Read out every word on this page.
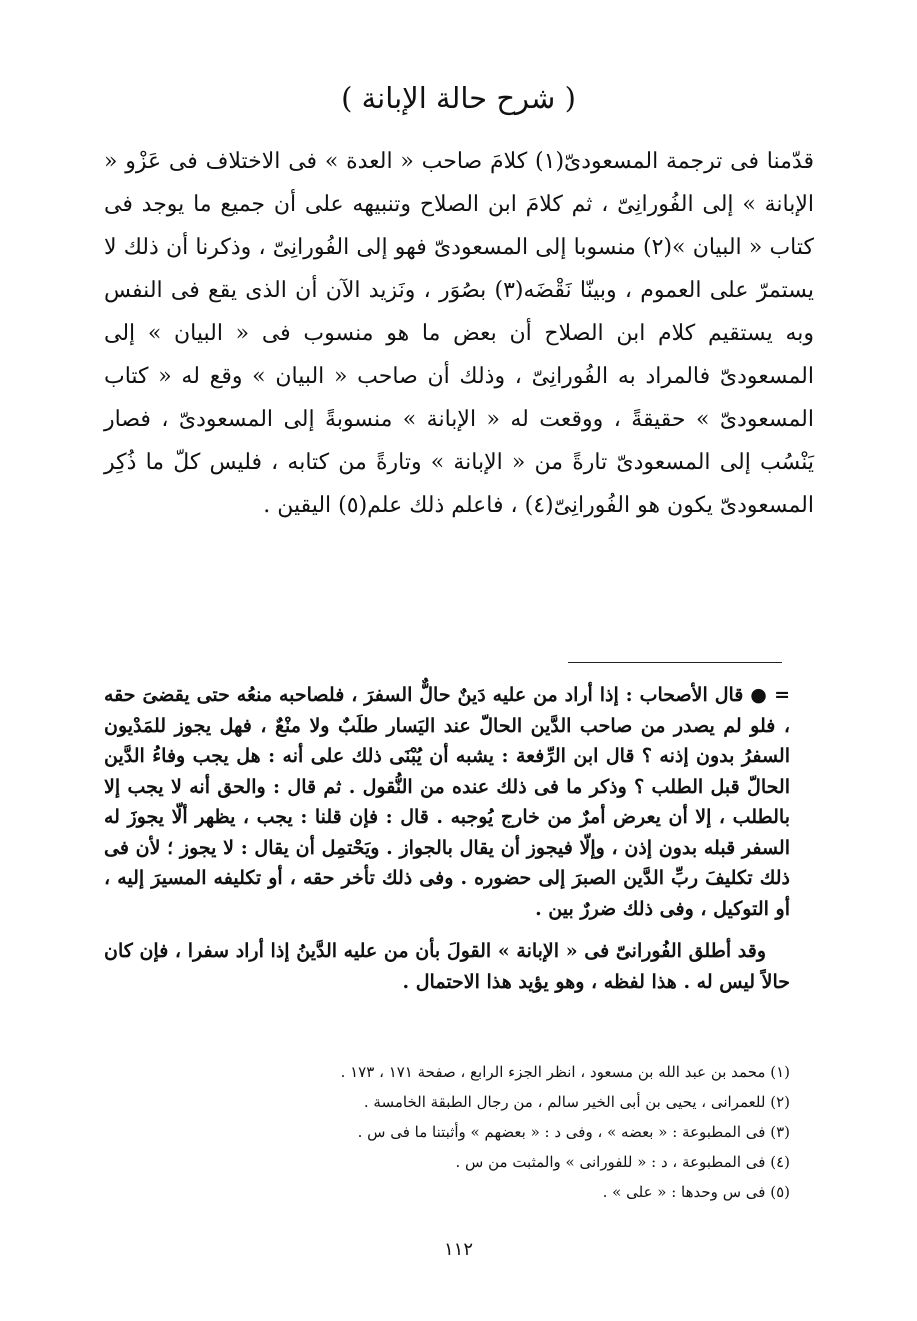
( شرح حالة الإبانة )

قدّمنا فى ترجمة المسعودىّ(١) كلامَ صاحب « العدة » فى الاختلاف فى عَزْو « الإبانة » إلى الفُورانِىّ ، ثم كلامَ ابن الصلاح وتنبيهه على أن جميع ما يوجد فى كتاب « البيان »(٢) منسوبا إلى المسعودىّ فهو إلى الفُورانِىّ ، وذكرنا أن ذلك لا يستمرّ على العموم ، وبينّا نَقْضَه(٣) بصُوَر ، ونَزيد الآن أن الذى يقع فى النفس وبه يستقيم كلام ابن الصلاح أن بعض ما هو منسوب فى « البيان » إلى المسعودىّ فالمراد به الفُورانِىّ ، وذلك أن صاحب « البيان » وقع له « كتاب المسعودىّ » حقيقةً ، ووقعت له « الإبانة » منسوبةً إلى المسعودىّ ، فصار يَنْسُب إلى المسعودىّ تارةً من « الإبانة » وتارةً من كتابه ، فليس كلّ ما ذُكِر المسعودىّ يكون هو الفُورانِىّ(٤) ، فاعلم ذلك علم(٥) اليقين .

= ● قال الأصحاب : إذا أراد من عليه دَينٌ حالٌّ السفرَ ، فلصاحبه منعُه حتى يقضىَ حقه ، فلو لم يصدر من صاحب الدَّين الحالّ عند اليَسار طلَبٌ ولا منْعٌ ، فهل يجوز للمَدْيون السفرُ بدون إذنه ؟ قال ابن الرِّفعة : يشبه أن يُبْنَى ذلك على أنه : هل يجب وفاءُ الدَّين الحالّ قبل الطلب ؟ وذكر ما فى ذلك عنده من النُّقول . ثم قال : والحق أنه لا يجب إلا بالطلب ، إلا أن يعرض أمرٌ من خارج يُوجبه . قال : فإن قلنا : يجب ، يظهر ألّا يجوزَ له السفر قبله بدون إذن ، وإلّا فيجوز أن يقال بالجواز . ويَحْتمِل أن يقال : لا يجوز ؛ لأن فى ذلك تكليفَ ربِّ الدَّين الصبرَ إلى حضوره . وفى ذلك تأخر حقه ، أو تكليفه المسيرَ إليه ، أو التوكيل ، وفى ذلك ضررٌ بين .

وقد أطلق الفُورانىّ فى « الإبانة » القولَ بأن من عليه الدَّينُ إذا أراد سفرا ، فإن كان حالاً ليس له . هذا لفظه ، وهو يؤيد هذا الاحتمال .

(١) محمد بن عبد الله بن مسعود ، انظر الجزء الرابع ، صفحة ١٧١ ، ١٧٣ .

(٢) للعمرانى ، يحيى بن أبى الخير سالم ، من رجال الطبقة الخامسة .

(٣) فى المطبوعة : « بعضه » ، وفى د : « بعضهم » وأثبتنا ما فى س .

(٤) فى المطبوعة ، د : « للفورانى » والمثبت من س .

(٥) فى س وحدها : « على » .

١١٢
